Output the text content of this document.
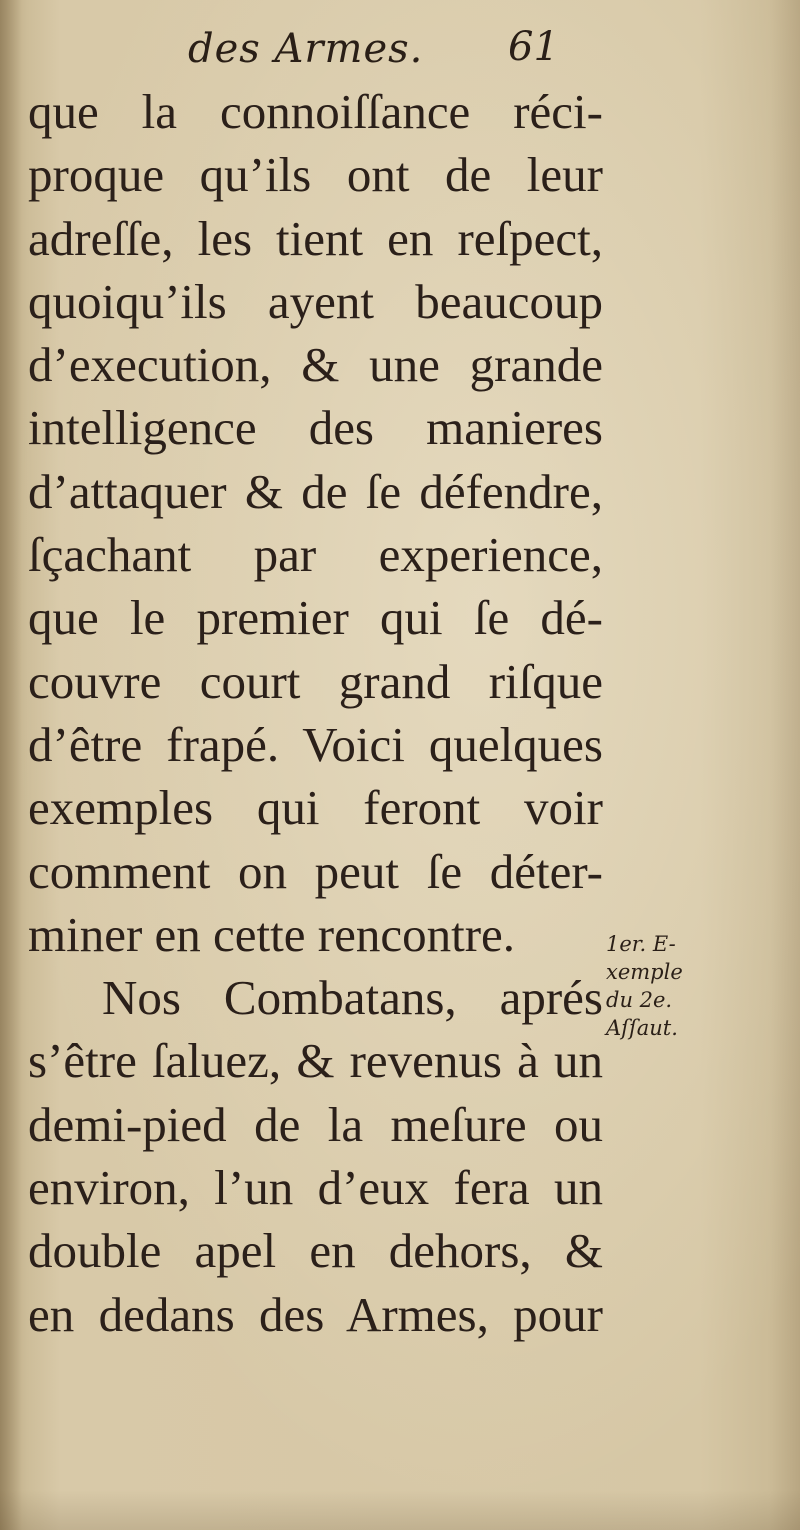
des Armes. 61
que la connoiſſance réci-
proque qu’ils ont de leur
adreſſe, les tient en reſpect,
quoiqu’ils ayent beaucoup
d’execution, & une grande
intelligence des manieres
d’attaquer & de ſe défendre,
ſçachant par experience,
que le premier qui ſe dé-
couvre court grand riſque
d’être frapé. Voici quelques
exemples qui feront voir
comment on peut ſe déter-
miner en cette rencontre.
Nos Combatans, aprés
s’être ſaluez, & revenus à un
demi-pied de la meſure ou
environ, l’un d’eux fera un
double apel en dehors, &
en dedans des Armes, pour
1er. E-
xemple
du 2e.
Aſſaut.
